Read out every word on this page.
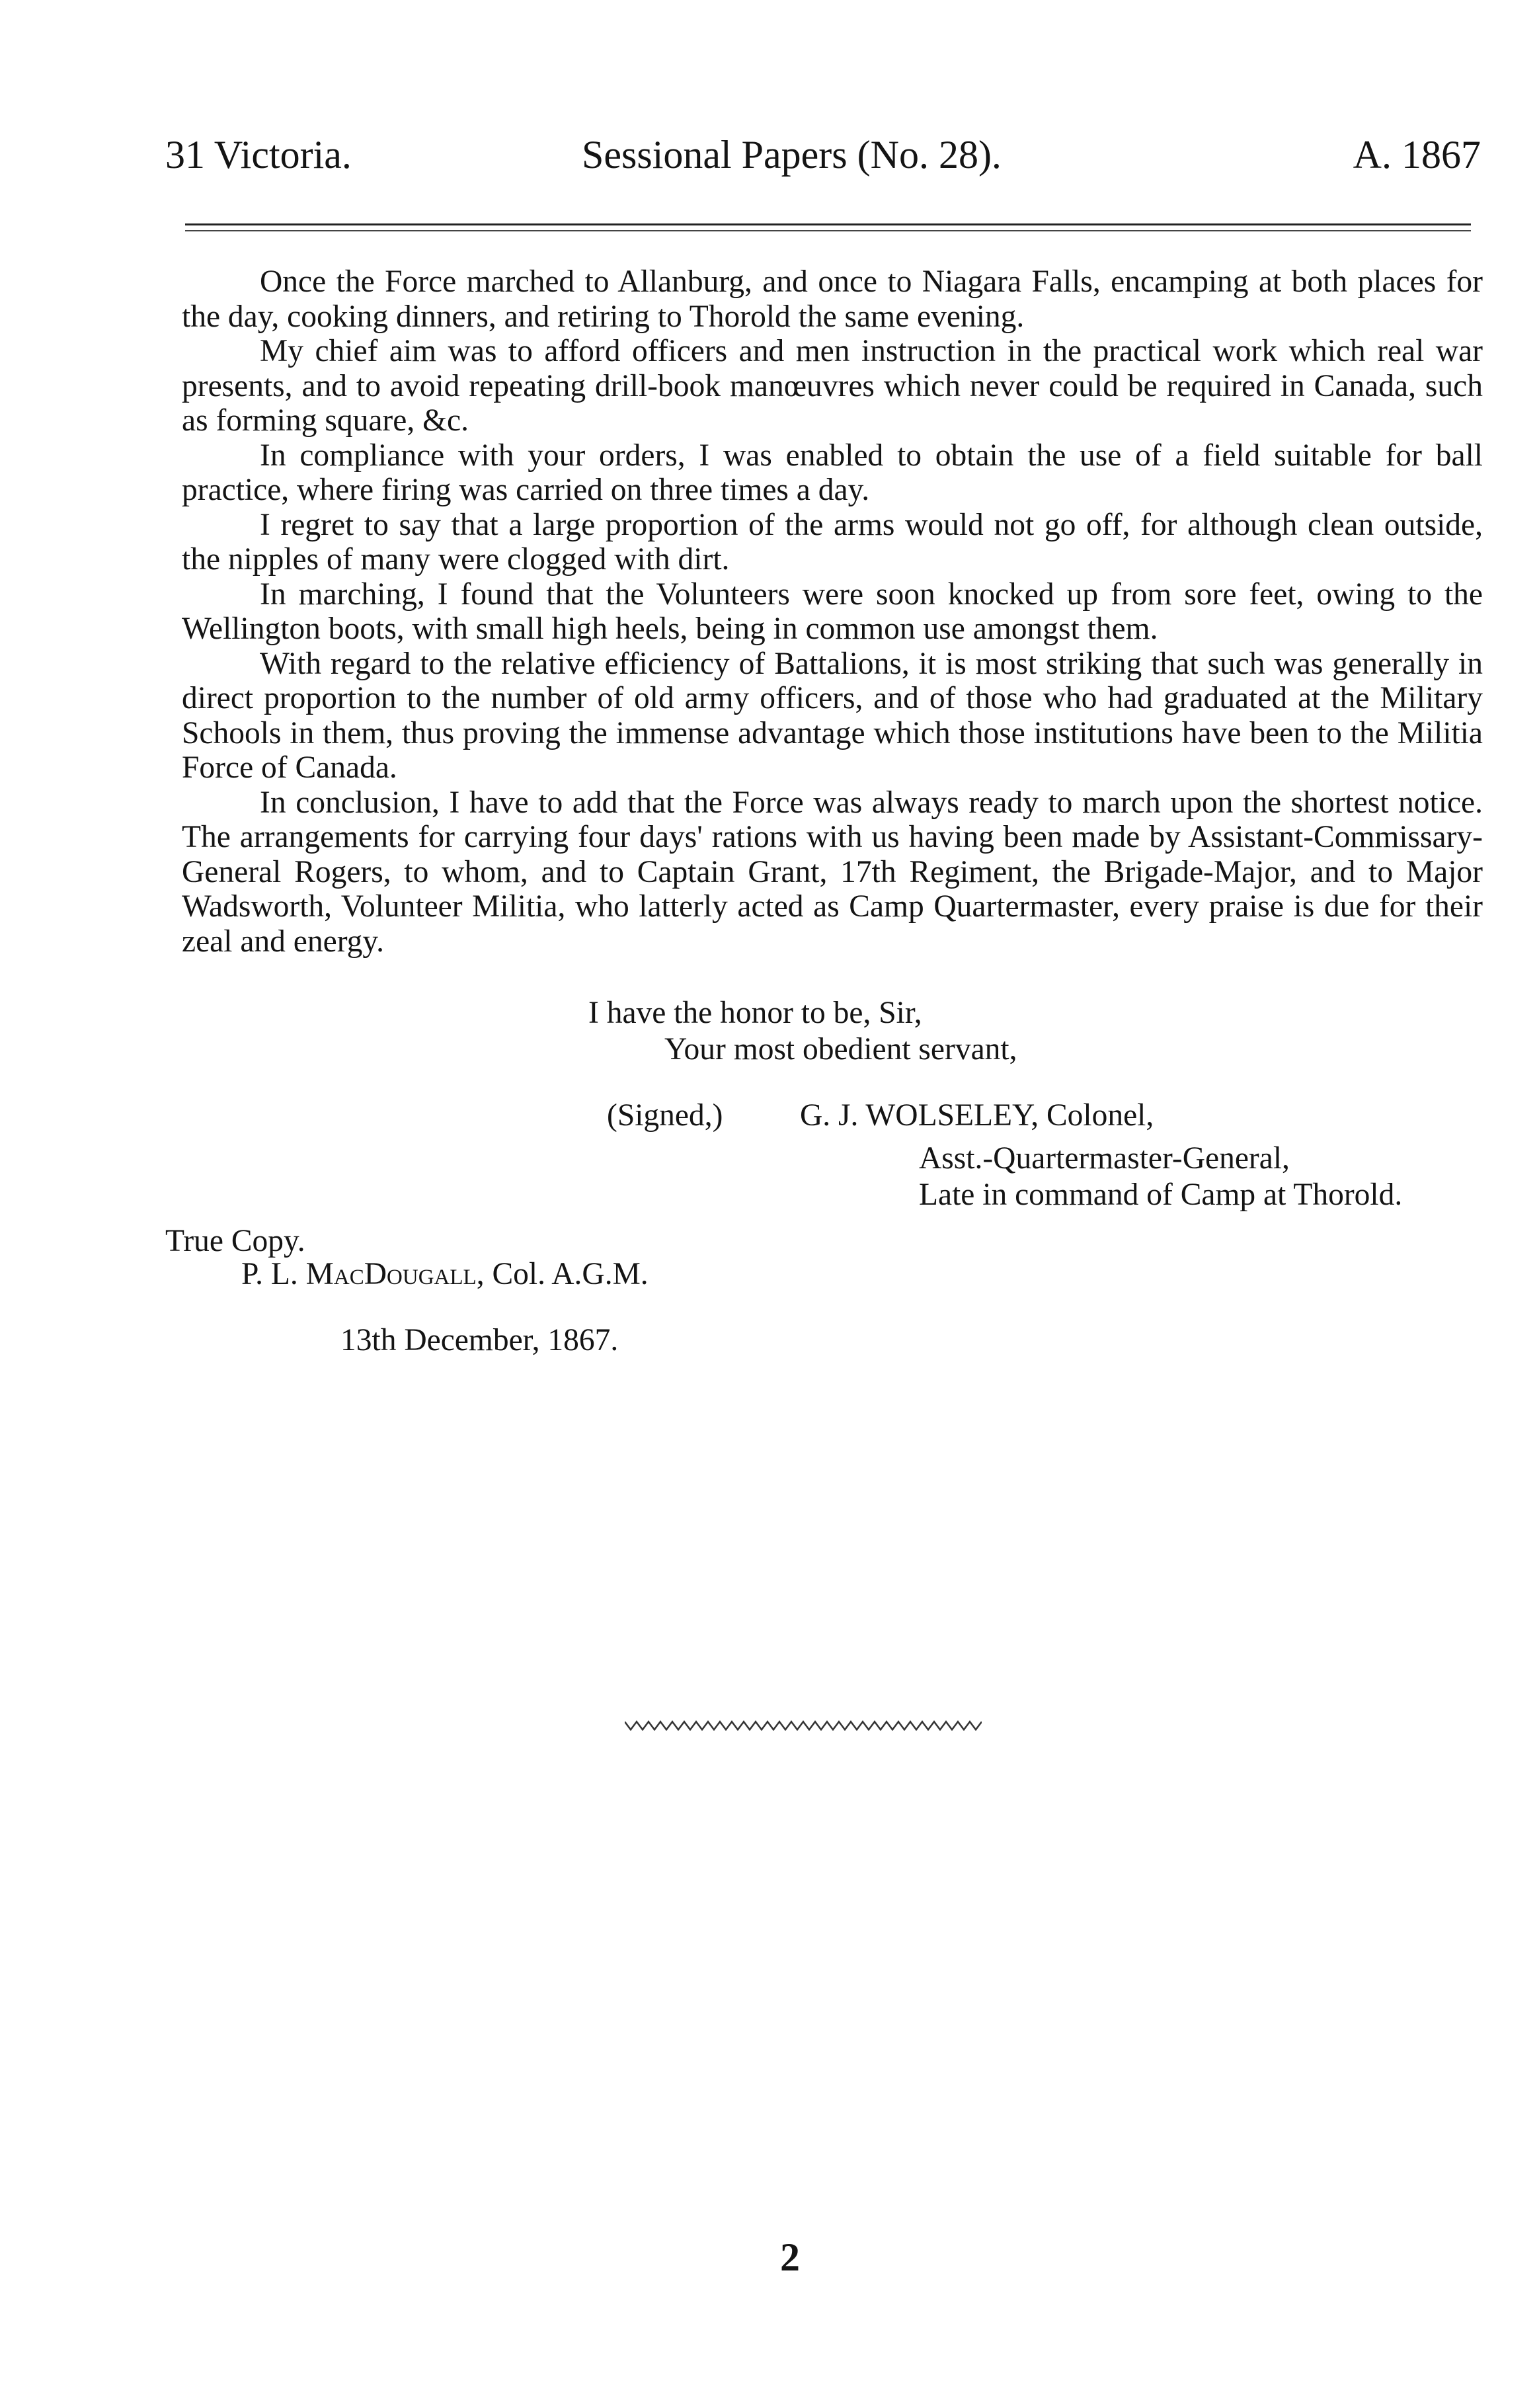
31 Victoria.	Sessional Papers (No. 28).	A. 1867

Once the Force marched to Allanburg, and once to Niagara Falls, encamping at both places for the day, cooking dinners, and retiring to Thorold the same evening.

My chief aim was to afford officers and men instruction in the practical work which real war presents, and to avoid repeating drill-book manœuvres which never could be required in Canada, such as forming square, &c.

In compliance with your orders, I was enabled to obtain the use of a field suitable for ball practice, where firing was carried on three times a day.

I regret to say that a large proportion of the arms would not go off, for although clean outside, the nipples of many were clogged with dirt.

In marching, I found that the Volunteers were soon knocked up from sore feet, owing to the Wellington boots, with small high heels, being in common use amongst them.

With regard to the relative efficiency of Battalions, it is most striking that such was generally in direct proportion to the number of old army officers, and of those who had graduated at the Military Schools in them, thus proving the immense advantage which those institutions have been to the Militia Force of Canada.

In conclusion, I have to add that the Force was always ready to march upon the shortest notice. The arrangements for carrying four days' rations with us having been made by Assistant-Commissary-General Rogers, to whom, and to Captain Grant, 17th Regiment, the Brigade-Major, and to Major Wadsworth, Volunteer Militia, who latterly acted as Camp Quartermaster, every praise is due for their zeal and energy.

I have the honor to be, Sir,
Your most obedient servant,
(Signed,) G. J. WOLSELEY, Colonel,
Asst.-Quartermaster-General,
Late in command of Camp at Thorold.
True Copy.
P. L. MacDougall, Col. A.G.M.
13th December, 1867.
2
